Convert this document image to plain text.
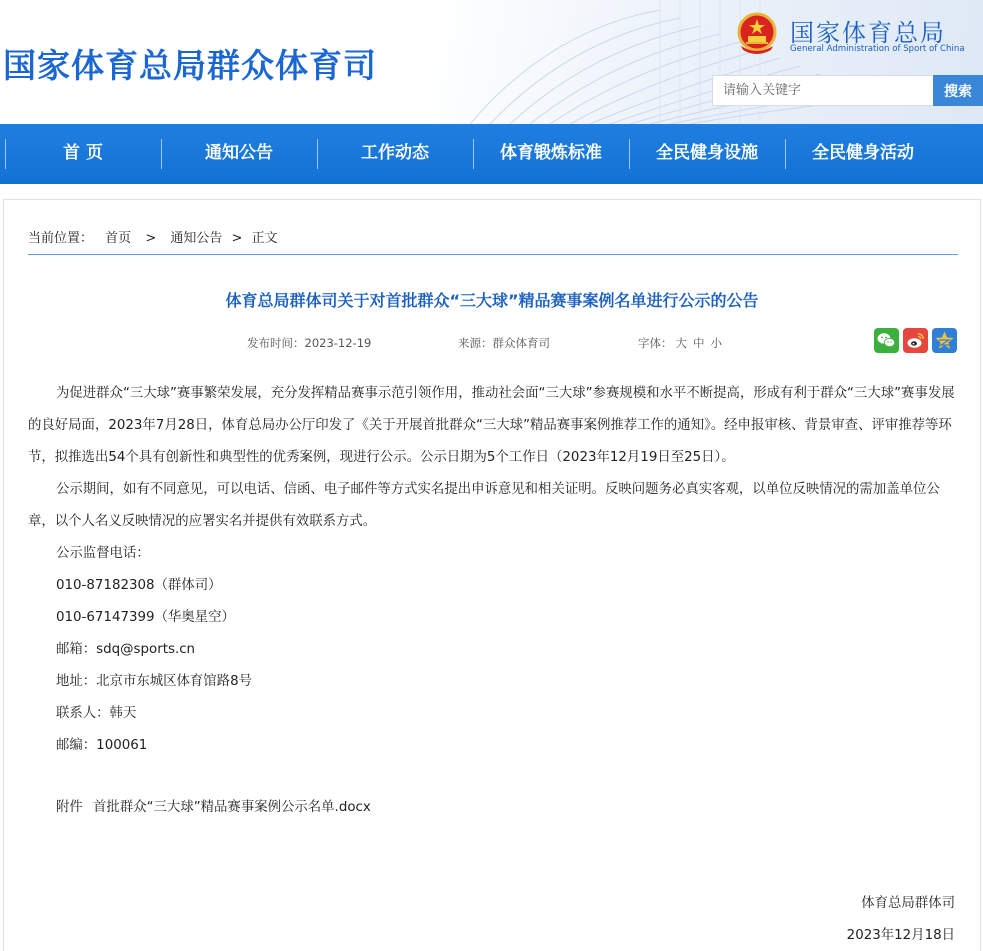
国家体育总局群众体育司
国家体育总局
General Administration of Sport of China
请输入关键字
搜索
首 页	通知公告	工作动态	体育锻炼标准	全民健身设施	全民健身活动
当前位置： 首页 > 通知公告 > 正文
体育总局群体司关于对首批群众“三大球”精品赛事案例名单进行公示的公告
发布时间：2023-12-19	来源：群众体育司	字体： 大 中 小

为促进群众“三大球”赛事繁荣发展，充分发挥精品赛事示范引领作用，推动社会面“三大球”参赛规模和水平不断提高，形成有利于群众“三大球”赛事发展的良好局面，2023年7月28日，体育总局办公厅印发了《关于开展首批群众“三大球”精品赛事案例推荐工作的通知》。经申报审核、背景审查、评审推荐等环节，拟推选出54个具有创新性和典型性的优秀案例，现进行公示。公示日期为5个工作日（2023年12月19日至25日）。

公示期间，如有不同意见，可以电话、信函、电子邮件等方式实名提出申诉意见和相关证明。反映问题务必真实客观，以单位反映情况的需加盖单位公章，以个人名义反映情况的应署实名并提供有效联系方式。

公示监督电话：

010-87182308（群体司）

010-67147399（华奥星空）

邮箱：sdq@sports.cn

地址：北京市东城区体育馆路8号

联系人：韩天

邮编：100061

附件 首批群众“三大球”精品赛事案例公示名单.docx
体育总局群体司
2023年12月18日
